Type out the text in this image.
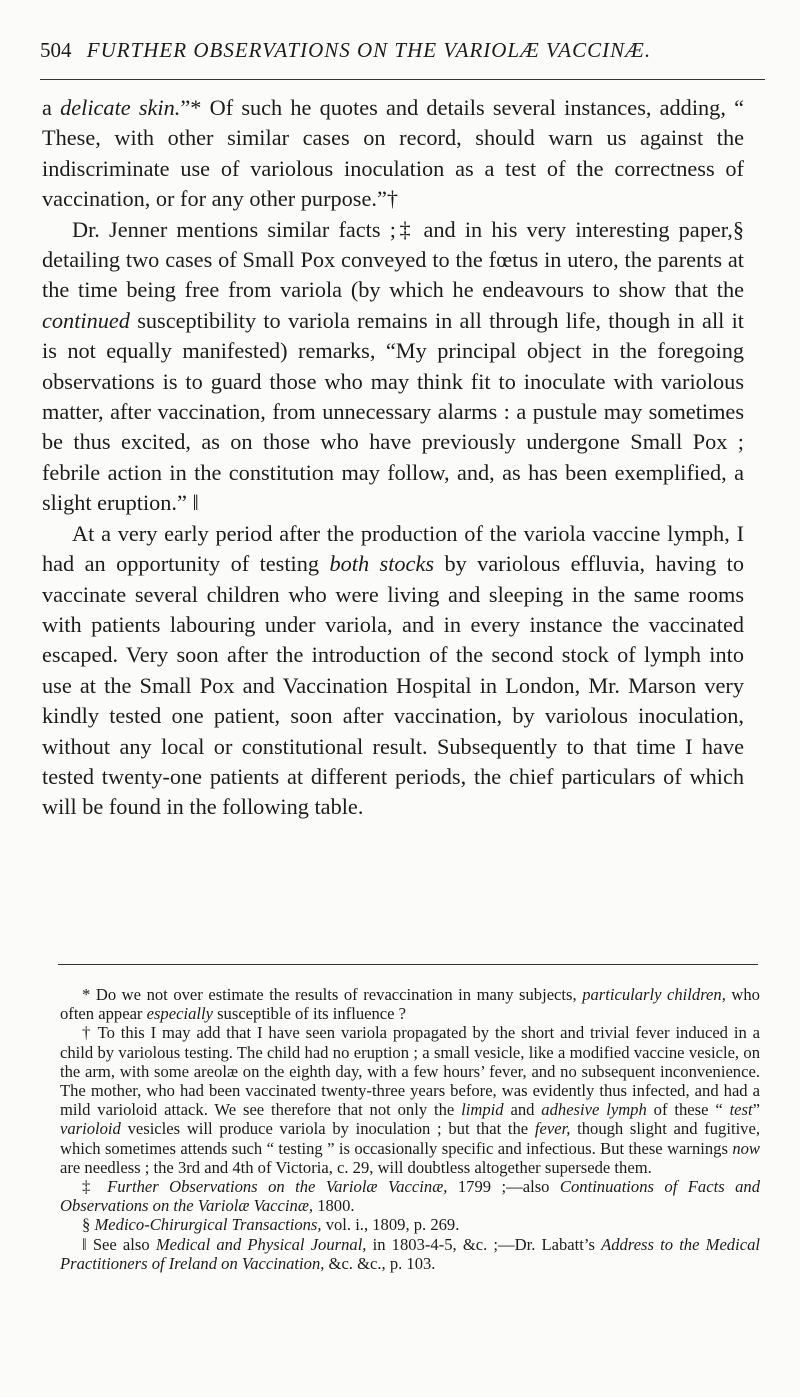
504 FURTHER OBSERVATIONS ON THE VARIOLÆ VACCINÆ.

a delicate skin.”* Of such he quotes and details several instances, adding, “ These, with other similar cases on record, should warn us against the indiscriminate use of variolous inoculation as a test of the correctness of vaccination, or for any other purpose.”†

Dr. Jenner mentions similar facts ;‡ and in his very interesting paper,§ detailing two cases of Small Pox conveyed to the fœtus in utero, the parents at the time being free from variola (by which he endeavours to show that the continued susceptibility to variola remains in all through life, though in all it is not equally manifested) remarks, “My principal object in the foregoing observations is to guard those who may think fit to inoculate with variolous matter, after vaccination, from unnecessary alarms : a pustule may sometimes be thus excited, as on those who have previously undergone Small Pox ; febrile action in the constitution may follow, and, as has been exemplified, a slight eruption.” ‖

At a very early period after the production of the variola vaccine lymph, I had an opportunity of testing both stocks by variolous effluvia, having to vaccinate several children who were living and sleeping in the same rooms with patients labouring under variola, and in every instance the vaccinated escaped. Very soon after the introduction of the second stock of lymph into use at the Small Pox and Vaccination Hospital in London, Mr. Marson very kindly tested one patient, soon after vaccination, by variolous inoculation, without any local or constitutional result. Subsequently to that time I have tested twenty-one patients at different periods, the chief particulars of which will be found in the following table.

* Do we not over estimate the results of revaccination in many subjects, particularly children, who often appear especially susceptible of its influence ?

† To this I may add that I have seen variola propagated by the short and trivial fever induced in a child by variolous testing. The child had no eruption ; a small vesicle, like a modified vaccine vesicle, on the arm, with some areolæ on the eighth day, with a few hours’ fever, and no subsequent inconvenience. The mother, who had been vaccinated twenty-three years before, was evidently thus infected, and had a mild varioloid attack. We see therefore that not only the limpid and adhesive lymph of these “ test” varioloid vesicles will produce variola by inoculation ; but that the fever, though slight and fugitive, which sometimes attends such “ testing ” is occasionally specific and infectious. But these warnings now are needless ; the 3rd and 4th of Victoria, c. 29, will doubtless altogether supersede them.

‡ Further Observations on the Variolæ Vaccinæ, 1799 ;—also Continuations of Facts and Observations on the Variolæ Vaccinæ, 1800.

§ Medico-Chirurgical Transactions, vol. i., 1809, p. 269.

‖ See also Medical and Physical Journal, in 1803-4-5, &c. ;—Dr. Labatt’s Address to the Medical Practitioners of Ireland on Vaccination, &c. &c., p. 103.
